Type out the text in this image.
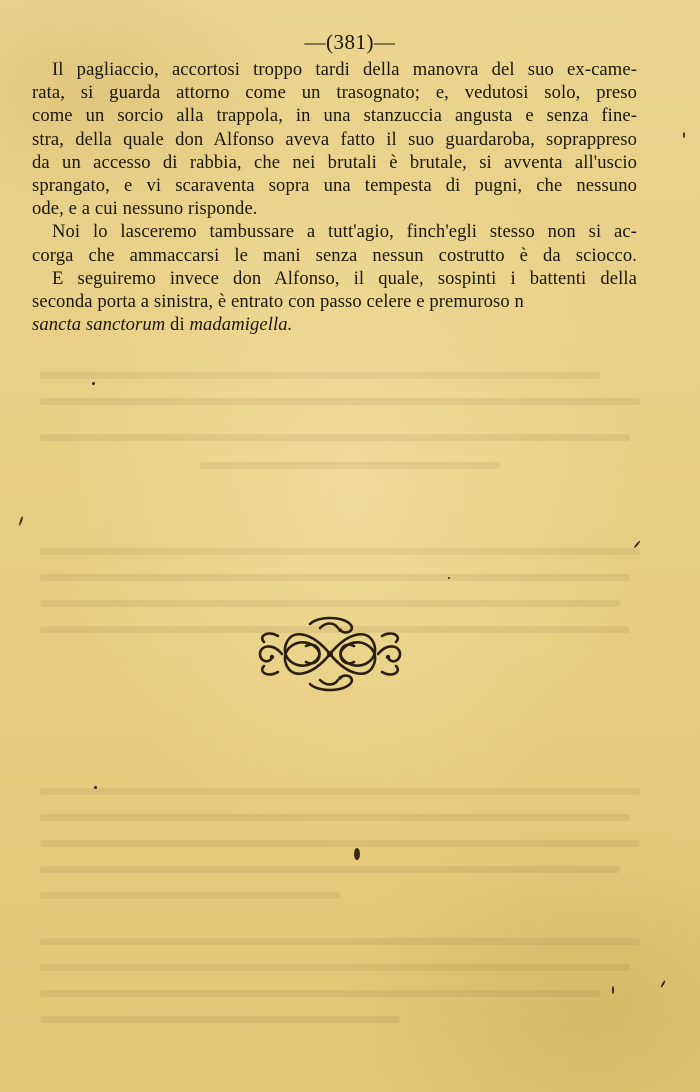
—(381)—

Il pagliaccio, accortosi troppo tardi della manovra del suo ex-came-
rata, si guarda attorno come un trasognato; e, vedutosi solo, preso
come un sorcio alla trappola, in una stanzuccia angusta e senza fine-
stra, della quale don Alfonso aveva fatto il suo guardaroba, soprappreso
da un accesso di rabbia, che nei brutali è brutale, si avventa all'uscio
sprangato, e vi scaraventa sopra una tempesta di pugni, che nessuno
ode, e a cui nessuno risponde.

Noi lo lasceremo tambussare a tutt'agio, finch'egli stesso non si ac-
corga che ammaccarsi le mani senza nessun costrutto è da sciocco.

E seguiremo invece don Alfonso, il quale, sospinti i battenti della
seconda porta a sinistra, è entrato con passo celere e premuroso n
sancta sanctorum di madamigella.
